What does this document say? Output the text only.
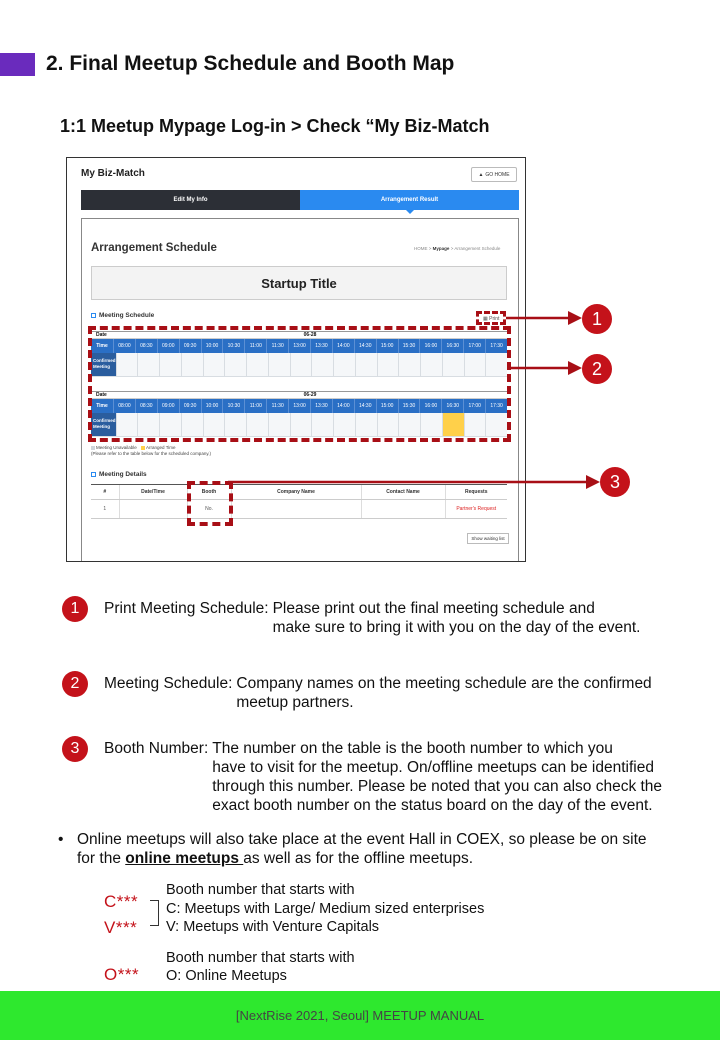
2. Final Meetup Schedule and Booth Map
1:1 Meetup Mypage Log-in > Check “My Biz-Match
My Biz-Match	▲ GO HOME
Edit My Info	Arrangement Result
Arrangement Schedule	HOME > Mypage > Arrangement Schedule
Startup Title
Meeting Schedule	▦ Print
Date	06-28
Time	08:00	08:30	09:00	09:30	10:00	10:30	11:00	11:30	13:00	13:30	14:00	14:30	15:00	15:30	16:00	16:30	17:00	17:30
Confirmed Meeting
Date	06-29
Time	08:00	08:30	09:00	09:30	10:00	10:30	11:00	11:30	13:00	13:30	14:00	14:30	15:00	15:30	16:00	16:30	17:00	17:30
Confirmed Meeting
Meeting Unavailable Arranged Time
(Please refer to the table below for the scheduled company.)
Meeting Details
#	Date/Time	Booth	Company Name	Contact Name	Requests
1		No.			Partner's Request
Show waiting list
1
2
3
1	Print Meeting Schedule: Please print out the final meeting schedule and
make sure to bring it with you on the day of the event.
2	Meeting Schedule: Company names on the meeting schedule are the confirmed
meetup partners.
3	Booth Number: The number on the table is the booth number to which you
have to visit for the meetup. On/offline meetups can be identified
through this number. Please be noted that you can also check the
exact booth number on the status board on the day of the event.
• Online meetups will also take place at the event Hall in COEX, so please be on site
for the online meetups as well as for the offline meetups.
C***
V***
Booth number that starts with
C: Meetups with Large/ Medium sized enterprises
V: Meetups with Venture Capitals
O***
Booth number that starts with
O: Online Meetups
[NextRise 2021, Seoul] MEETUP MANUAL
